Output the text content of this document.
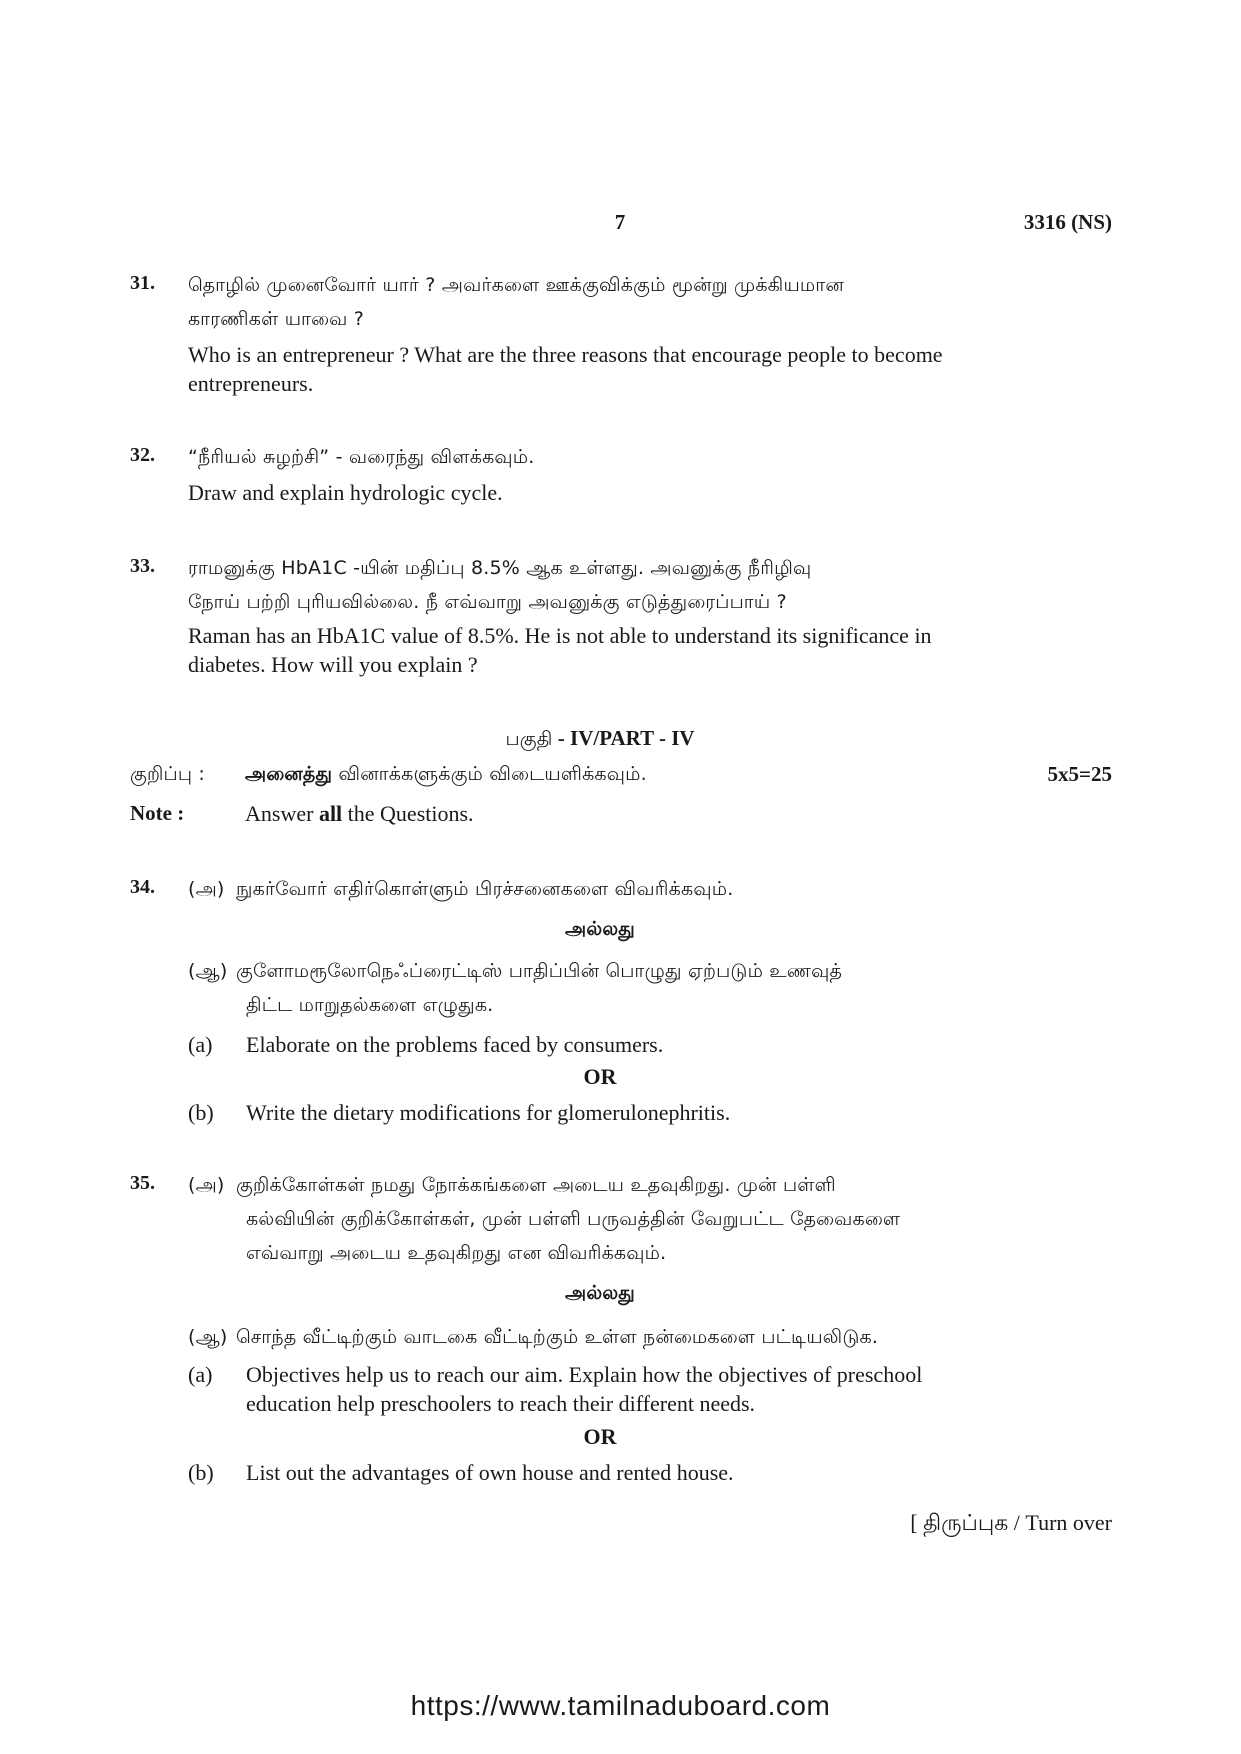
7	3316 (NS)
31. தொழில் முனைவோர் யார் ? அவர்களை ஊக்குவிக்கும் மூன்று முக்கியமான
காரணிகள் யாவை ?
Who is an entrepreneur ? What are the three reasons that encourage people to become
entrepreneurs.
32. “நீரியல் சுழற்சி” - வரைந்து விளக்கவும்.
Draw and explain hydrologic cycle.
33. ராமனுக்கு HbA1C -யின் மதிப்பு 8.5% ஆக உள்ளது. அவனுக்கு நீரிழிவு
நோய் பற்றி புரியவில்லை. நீ எவ்வாறு அவனுக்கு எடுத்துரைப்பாய் ?
Raman has an HbA1C value of 8.5%. He is not able to understand its significance in
diabetes. How will you explain ?
பகுதி - IV/PART - IV
குறிப்பு : அனைத்து வினாக்களுக்கும் விடையளிக்கவும்.	5x5=25
Note :	Answer all the Questions.
34. (அ) நுகர்வோர் எதிர்கொள்ளும் பிரச்சனைகளை விவரிக்கவும்.
அல்லது
(ஆ) குளோமரூலோநெஃப்ரைட்டிஸ் பாதிப்பின் பொழுது ஏற்படும் உணவுத்
திட்ட மாறுதல்களை எழுதுக.
(a) Elaborate on the problems faced by consumers.
OR
(b) Write the dietary modifications for glomerulonephritis.
35. (அ) குறிக்கோள்கள் நமது நோக்கங்களை அடைய உதவுகிறது. முன் பள்ளி
கல்வியின் குறிக்கோள்கள், முன் பள்ளி பருவத்தின் வேறுபட்ட தேவைகளை
எவ்வாறு அடைய உதவுகிறது என விவரிக்கவும்.
அல்லது
(ஆ) சொந்த வீட்டிற்கும் வாடகை வீட்டிற்கும் உள்ள நன்மைகளை பட்டியலிடுக.
(a) Objectives help us to reach our aim. Explain how the objectives of preschool
education help preschoolers to reach their different needs.
OR
(b) List out the advantages of own house and rented house.
[ திருப்புக / Turn over
https://www.tamilnaduboard.com
